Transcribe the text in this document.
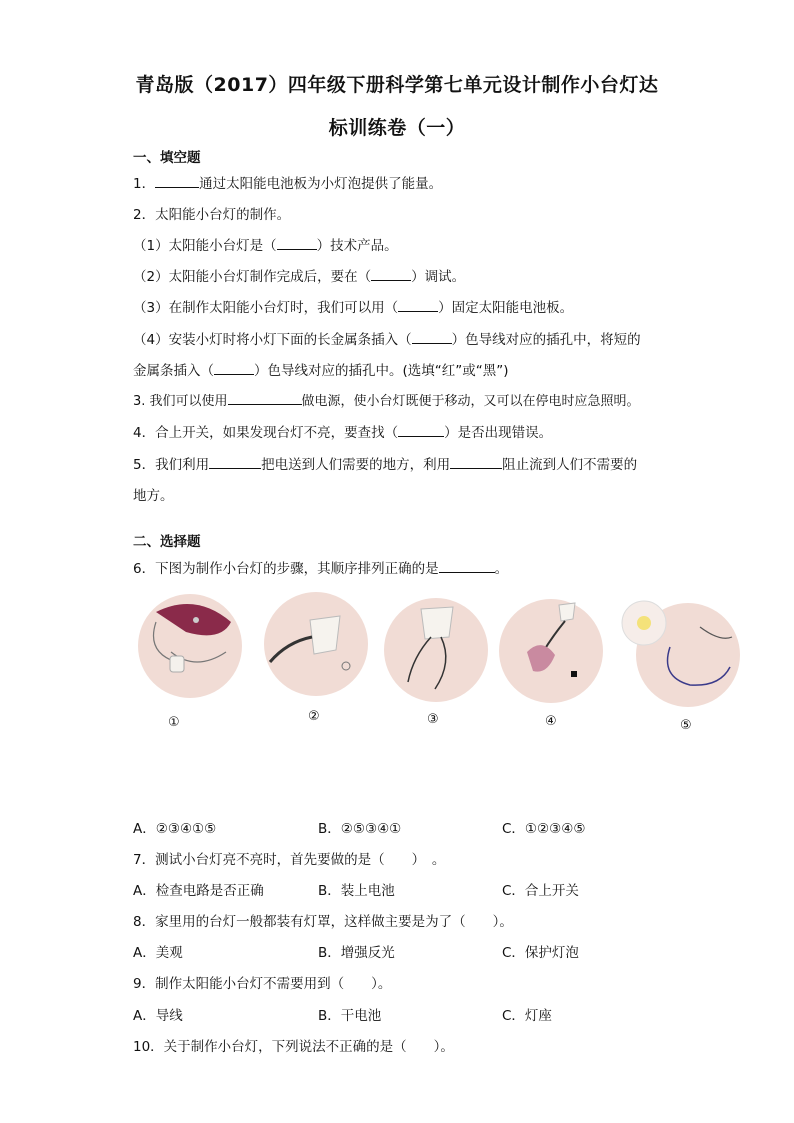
青岛版（2017）四年级下册科学第七单元设计制作小台灯达
标训练卷（一）
一、填空题
1．	通过太阳能电池板为小灯泡提供了能量。
2．太阳能小台灯的制作。
（1）太阳能小台灯是（	）技术产品。
（2）太阳能小台灯制作完成后，要在（	）调试。
（3）在制作太阳能小台灯时，我们可以用（	）固定太阳能电池板。
（4）安装小灯时将小灯下面的长金属条插入（	）色导线对应的插孔中，将短的
金属条插入（	）色导线对应的插孔中。(选填“红”或“黑”)
3. 我们可以使用	做电源，使小台灯既便于移动，又可以在停电时应急照明。
4．合上开关，如果发现台灯不亮，要查找（	）是否出现错误。
5．我们利用	把电送到人们需要的地方，利用	阻止流到人们不需要的
地方。
二、选择题
6．下图为制作小台灯的步骤，其顺序排列正确的是	。
①	②	③	④	⑤
A．②③④①⑤	B．②⑤③④①	C．①②③④⑤
7．测试小台灯亮不亮时，首先要做的是（　　）　。
A．检查电路是否正确	B．装上电池	C．合上开关
8．家里用的台灯一般都装有灯罩，这样做主要是为了（　　）。
A．美观	B．增强反光	C．保护灯泡
9．制作太阳能小台灯不需要用到（　　）。
A．导线	B．干电池	C．灯座
10．关于制作小台灯，下列说法不正确的是（　　）。
